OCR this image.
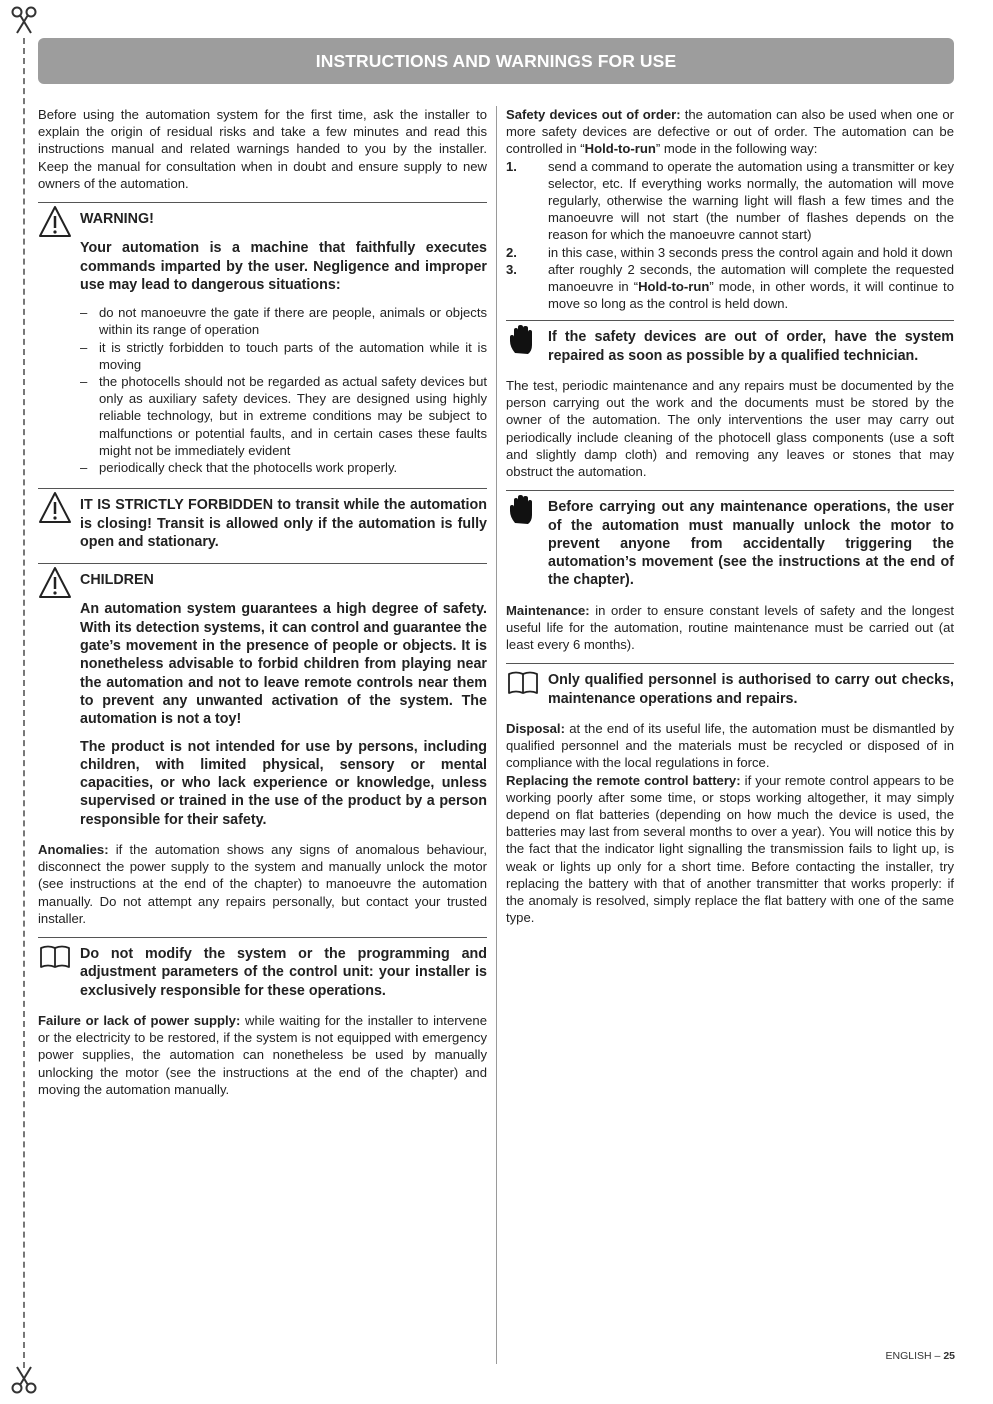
INSTRUCTIONS AND WARNINGS FOR USE

Before using the automation system for the first time, ask the installer to explain the origin of residual risks and take a few minutes and read this instructions manual and related warnings handed to you by the installer. Keep the manual for consultation when in doubt and ensure supply to new owners of the automation.

WARNING!

Your automation is a machine that faithfully executes commands imparted by the user. Negligence and improper use may lead to dangerous situations:

– do not manoeuvre the gate if there are people, animals or objects within its range of operation
– it is strictly forbidden to touch parts of the automation while it is moving
– the photocells should not be regarded as actual safety devices but only as auxiliary safety devices. They are designed using highly reliable technology, but in extreme conditions may be subject to malfunctions or potential faults, and in certain cases these faults might not be immediately evident
– periodically check that the photocells work properly.

IT IS STRICTLY FORBIDDEN to transit while the automation is closing! Transit is allowed only if the automation is fully open and stationary.

CHILDREN

An automation system guarantees a high degree of safety. With its detection systems, it can control and guarantee the gate’s movement in the presence of people or objects. It is nonetheless advisable to forbid children from playing near the automation and not to leave remote controls near them to prevent any unwanted activation of the system. The automation is not a toy!

The product is not intended for use by persons, including children, with limited physical, sensory or mental capacities, or who lack experience or knowledge, unless supervised or trained in the use of the product by a person responsible for their safety.

Anomalies: if the automation shows any signs of anomalous behaviour, disconnect the power supply to the system and manually unlock the motor (see instructions at the end of the chapter) to manoeuvre the automation manually. Do not attempt any repairs personally, but contact your trusted installer.

Do not modify the system or the programming and adjustment parameters of the control unit: your installer is exclusively responsible for these operations.

Failure or lack of power supply: while waiting for the installer to intervene or the electricity to be restored, if the system is not equipped with emergency power supplies, the automation can nonetheless be used by manually unlocking the motor (see the instructions at the end of the chapter) and moving the automation manually.

Safety devices out of order: the automation can also be used when one or more safety devices are defective or out of order. The automation can be controlled in “Hold-to-run” mode in the following way:

1. send a command to operate the automation using a transmitter or key selector, etc. If everything works normally, the automation will move regularly, otherwise the warning light will flash a few times and the manoeuvre will not start (the number of flashes depends on the reason for which the manoeuvre cannot start)
2. in this case, within 3 seconds press the control again and hold it down
3. after roughly 2 seconds, the automation will complete the requested manoeuvre in “Hold-to-run” mode, in other words, it will continue to move so long as the control is held down.

If the safety devices are out of order, have the system repaired as soon as possible by a qualified technician.

The test, periodic maintenance and any repairs must be documented by the person carrying out the work and the documents must be stored by the owner of the automation. The only interventions the user may carry out periodically include cleaning of the photocell glass components (use a soft and slightly damp cloth) and removing any leaves or stones that may obstruct the automation.

Before carrying out any maintenance operations, the user of the automation must manually unlock the motor to prevent anyone from accidentally triggering the automation’s movement (see the instructions at the end of the chapter).

Maintenance: in order to ensure constant levels of safety and the longest useful life for the automation, routine maintenance must be carried out (at least every 6 months).

Only qualified personnel is authorised to carry out checks, maintenance operations and repairs.

Disposal: at the end of its useful life, the automation must be dismantled by qualified personnel and the materials must be recycled or disposed of in compliance with the local regulations in force.

Replacing the remote control battery: if your remote control appears to be working poorly after some time, or stops working altogether, it may simply depend on flat batteries (depending on how much the device is used, the batteries may last from several months to over a year). You will notice this by the fact that the indicator light signalling the transmission fails to light up, is weak or lights up only for a short time. Before contacting the installer, try replacing the battery with that of another transmitter that works properly: if the anomaly is resolved, simply replace the flat battery with one of the same type.

ENGLISH – 25
